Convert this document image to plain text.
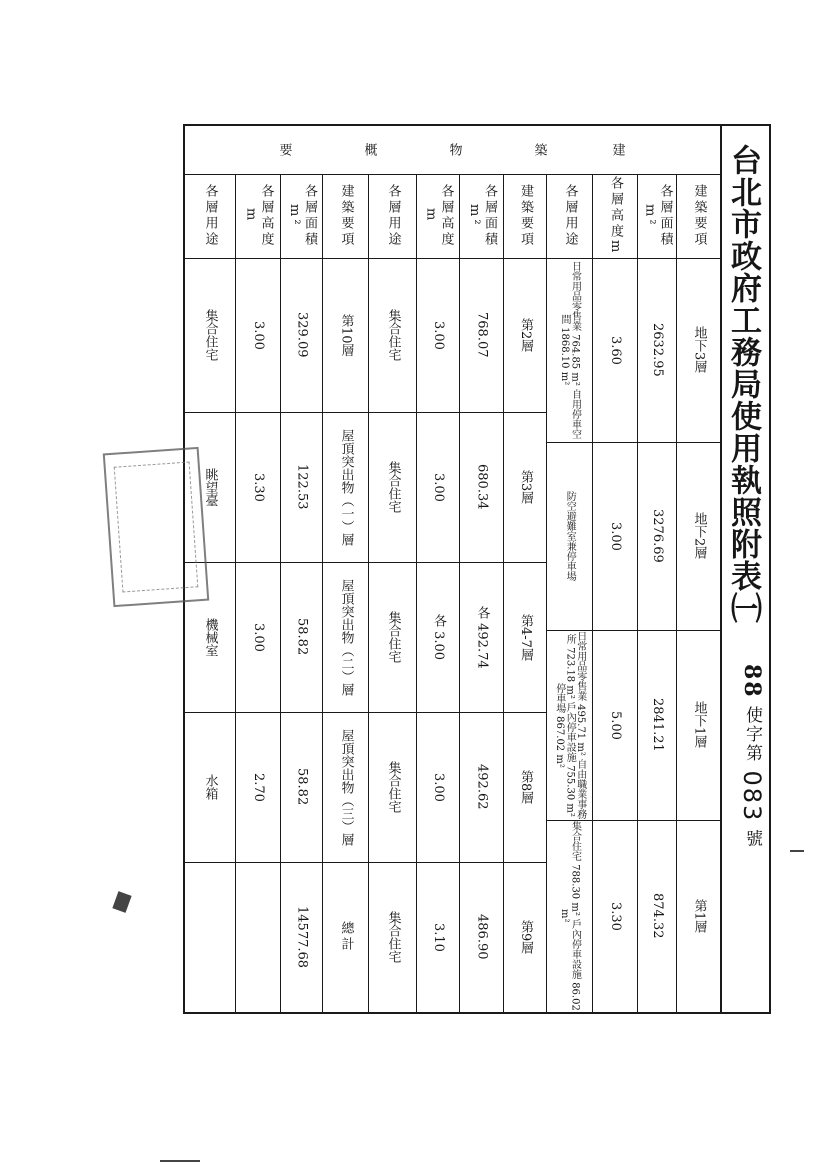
台北市政府工務局使用執照附表㈠
88 使字第 083 號
建
築
物
概
要
建築要項
各層面積m²
各層高度m
各層用途
地下3層
2632.95
3.60
日常用品零售業 764.85 m² 自用停車空間 1868.10 m²
地下2層
3276.69
3.00
防空避難室兼停車場
地下1層
2841.21
5.00
日常用品零售業 495.71 m² 自由職業事務所 723.18 m² 戶內停車設施 755.30 m² 停車場 867.02 m²
第1層
874.32
3.30
集合住宅 788.30 m² 戶內停車設施 86.02 m²
建築要項
各層面積m²
各層高度 m
各層用途
第2層
768.07
3.00
集合住宅
第3層
680.34
3.00
集合住宅
第4-7層
各 492.74
各 3.00
集合住宅
第8層
492.62
3.00
集合住宅
第9層
486.90
3.10
集合住宅
建築要項
各層面積m²
各層高度 m
各層用途
第10層
329.09
3.00
集合住宅
屋頂突出物（一）層
122.53
3.30
眺望臺
屋頂突出物（二）層
58.82
3.00
機械室
屋頂突出物（三）層
58.82
2.70
水箱
總計
14577.68
